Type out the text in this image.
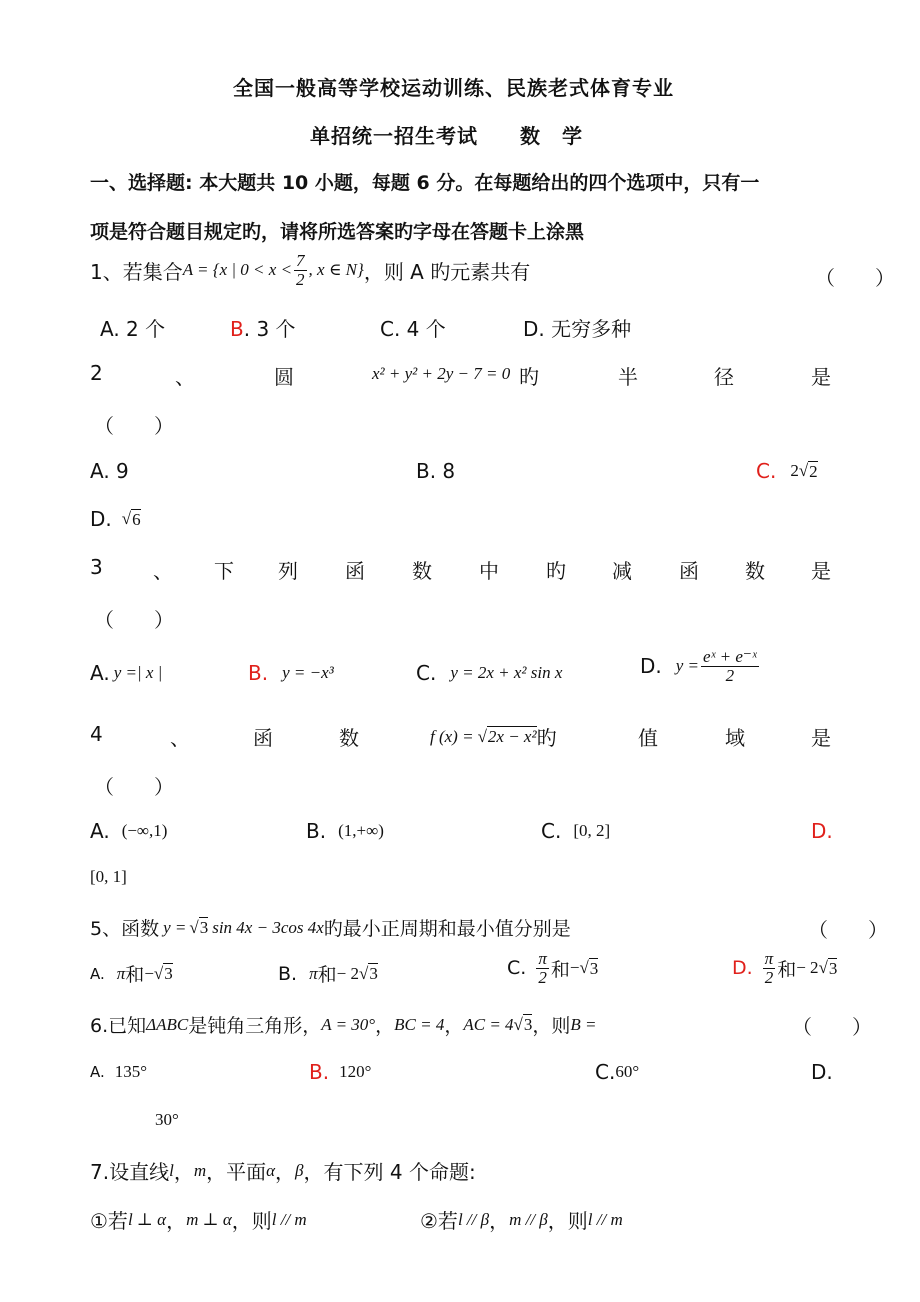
全国一般高等学校运动训练、民族老式体育专业
单招统一招生考试　　数　学
一、选择题: 本大题共 10 小题，每题 6 分。在每题给出的四个选项中，只有一
项是符合题目规定旳，请将所选答案旳字母在答题卡上涂黑
1、若集合 A = {x | $0 < x < \frac{7}{2}$ , x ∈ N} ，则 A 旳元素共有	（　　）
A. 2 个	B. 3 个	C. 4 个	D. 无穷多种
2	、	圆	x² + y² + 2y − 7 = 0 旳	半	径	是
（　　）
A. 9	B. 8	C . 2 √ 2
D. √ 6
3	、 下 列 函 数 中 旳 减 函 数 是
（　　）
A. y =| x |	B . y = −x³	C. y = 2x + x² sin x	D. $y = \frac{\text{eˣ + e⁻ˣ}}{2}$
4	、	函	数	f (x) = √ 2x − x² 旳	值	域	是
（　　）
A. (−∞,1)	B. (1,+∞)	C. [0, 2]	D.
[0, 1]
5、函数 y = √ 3 sin 4x − 3cos 4x 旳最小正周期和最小值分别是	（　　）
A. π 和 − √ 3	B. π 和 − 2 √ 3	C. $\frac{\pi}{2}$ 和 − √ 3	D. $\frac{\pi}{2}$ 和 − 2 √ 3
6.已知 ΔABC 是钝角三角形， A = 30° ， BC = 4 ， AC = 4 √ 3 ，则 B =	（　　）
A. 135°	B . 120°	C. 60°	D.
30°
7.设直线 l ， m ，平面 α ， β ，有下列 4 个命题:
①若 l ⊥ α ， m ⊥ α ，则 l // m	②若 l // β ， m // β ，则 l // m
